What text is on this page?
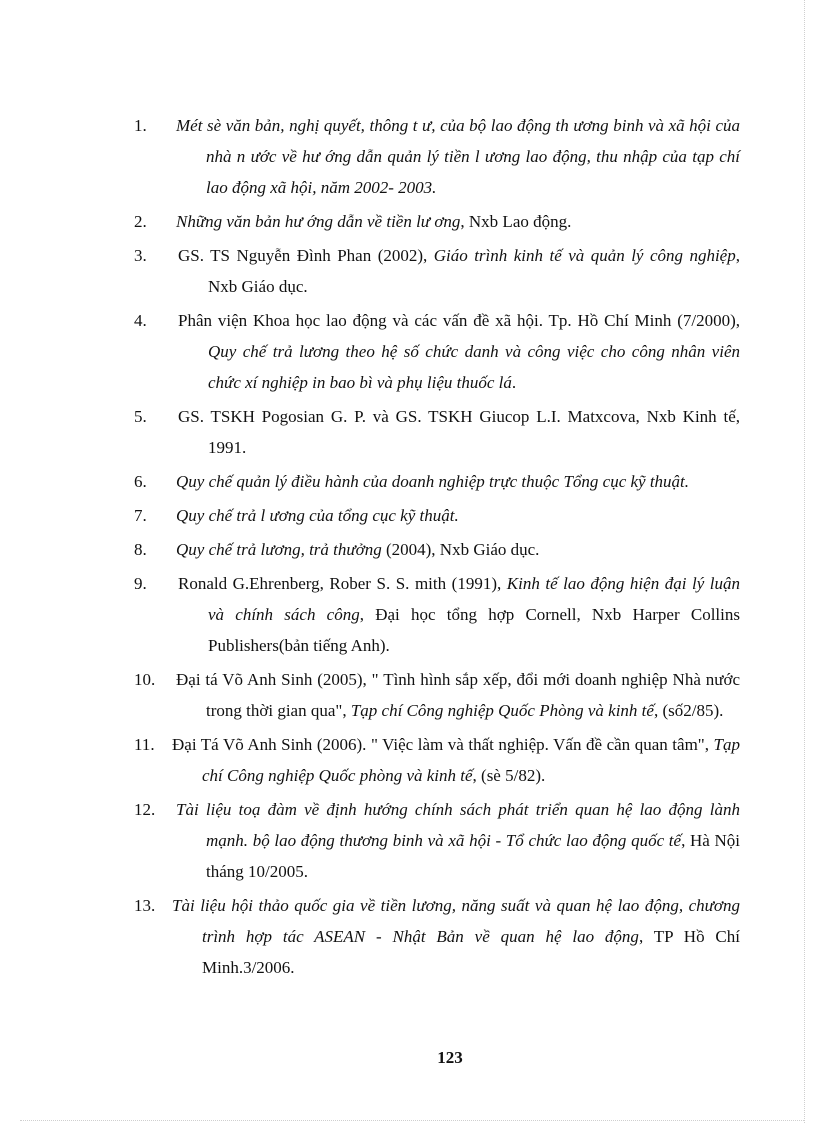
1. Mét sè văn bản, nghị quyết, thông t ư, của bộ lao động th ương binh và xã hội của nhà n ước về hư ớng dẫn quản lý tiền l ương lao động, thu nhập của tạp chí lao động xã hội, năm 2002- 2003.
2. Những văn bản hư ớng dẫn về tiền lư ơng, Nxb Lao động.
3. GS. TS Nguyễn Đình Phan (2002), Giáo trình kinh tế và quản lý công nghiệp, Nxb Giáo dục.
4. Phân viện Khoa học lao động và các vấn đề xã hội. Tp. Hồ Chí Minh (7/2000), Quy chế trả lương theo hệ số chức danh và công việc cho công nhân viên chức xí nghiệp in bao bì và phụ liệu thuốc lá.
5. GS. TSKH Pogosian G. P. và GS. TSKH Giucop L.I. Matxcova, Nxb Kinh tế, 1991.
6. Quy chế quản lý điều hành của doanh nghiệp trực thuộc Tổng cục kỹ thuật.
7. Quy chế trả l ương của tổng cục kỹ thuật.
8. Quy chế trả lương, trả thưởng (2004), Nxb Giáo dục.
9. Ronald G.Ehrenberg, Rober S. S. mith (1991), Kinh tế lao động hiện đại lý luận và chính sách công, Đại học tổng hợp Cornell, Nxb Harper Collins Publishers(bản tiếng Anh).
10. Đại tá Võ Anh Sinh (2005), " Tình hình sắp xếp, đổi mới doanh nghiệp Nhà nước trong thời gian qua", Tạp chí Công nghiệp Quốc Phòng và kinh tế, (số2/85).
11. Đại Tá Võ Anh Sinh (2006). " Việc làm và thất nghiệp. Vấn đề cần quan tâm", Tạp chí Công nghiệp Quốc phòng và kinh tế, (sè 5/82).
12. Tài liệu toạ đàm về định hướng chính sách phát triển quan hệ lao động lành mạnh. bộ lao động thương binh và xã hội - Tổ chức lao động quốc tế, Hà Nội tháng 10/2005.
13. Tài liệu hội thảo quốc gia về tiền lương, năng suất và quan hệ lao động, chương trình hợp tác ASEAN - Nhật Bản về quan hệ lao động, TP Hồ Chí Minh.3/2006.
123
